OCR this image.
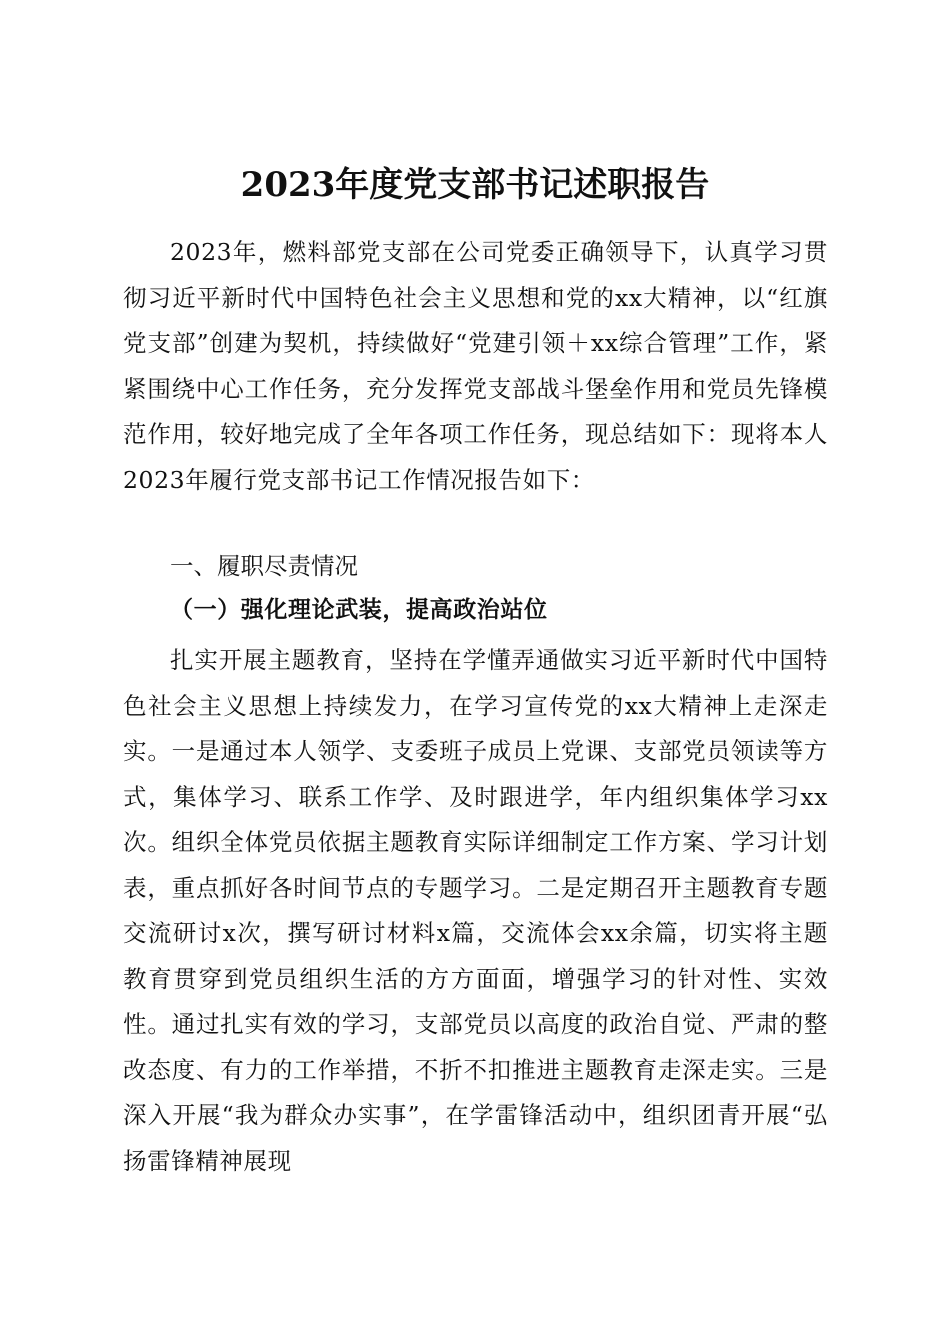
2023年度党支部书记述职报告

2023年，燃料部党支部在公司党委正确领导下，认真学习贯彻习近平新时代中国特色社会主义思想和党的xx大精神，以“红旗党支部”创建为契机，持续做好“党建引领＋xx综合管理”工作，紧紧围绕中心工作任务，充分发挥党支部战斗堡垒作用和党员先锋模范作用，较好地完成了全年各项工作任务，现总结如下：现将本人2023年履行党支部书记工作情况报告如下：

一、履职尽责情况

（一）强化理论武装，提高政治站位

扎实开展主题教育，坚持在学懂弄通做实习近平新时代中国特色社会主义思想上持续发力，在学习宣传党的xx大精神上走深走实。一是通过本人领学、支委班子成员上党课、支部党员领读等方式，集体学习、联系工作学、及时跟进学，年内组织集体学习xx次。组织全体党员依据主题教育实际详细制定工作方案、学习计划表，重点抓好各时间节点的专题学习。二是定期召开主题教育专题交流研讨x次，撰写研讨材料x篇，交流体会xx余篇，切实将主题教育贯穿到党员组织生活的方方面面，增强学习的针对性、实效性。通过扎实有效的学习，支部党员以高度的政治自觉、严肃的整改态度、有力的工作举措，不折不扣推进主题教育走深走实。三是深入开展“我为群众办实事”，在学雷锋活动中，组织团青开展“弘扬雷锋精神展现
